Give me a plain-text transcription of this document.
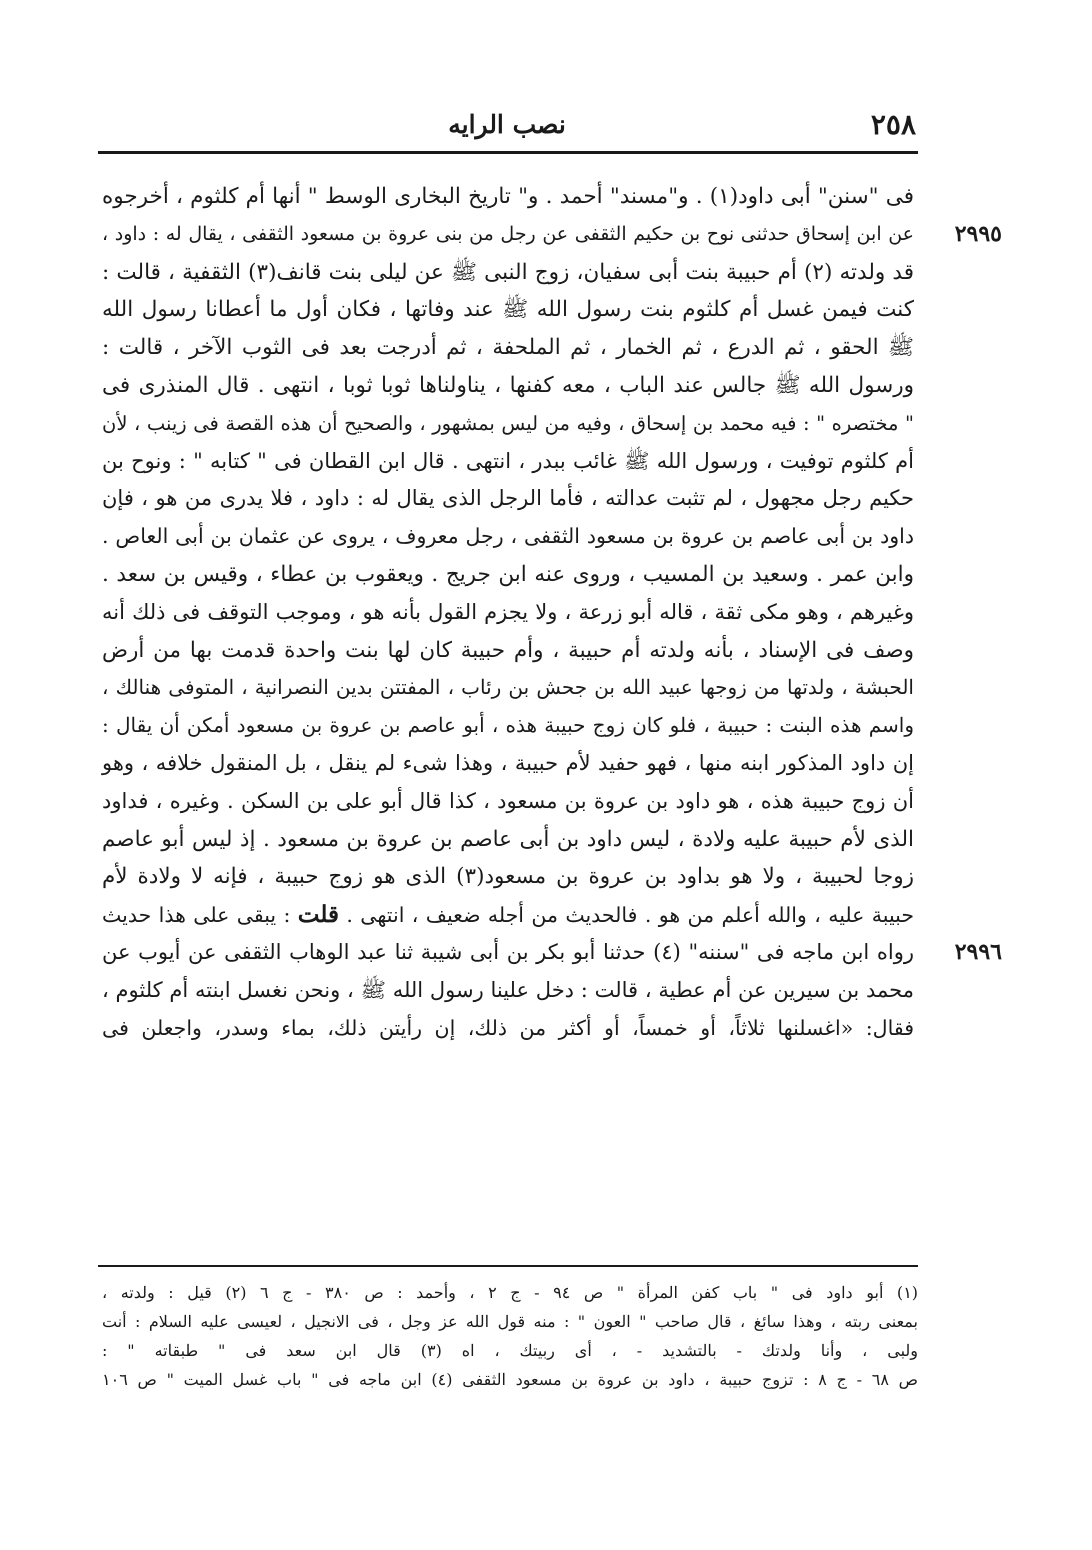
٢٥٨
نصب الرايه
فى "سنن" أبى داود(١) . و"مسند" أحمد . و" تاريخ البخارى الوسط " أنها أم كلثوم ، أخرجوه
٢٩٩٥
عن ابن إسحاق حدثنى نوح بن حكيم الثقفى عن رجل من بنى عروة بن مسعود الثقفى ، يقال له : داود ،
قد ولدته (٢) أم حبيبة بنت أبى سفيان، زوج النبى ﷺ عن ليلى بنت قانف(٣) الثقفية ، قالت :
كنت فيمن غسل أم كلثوم بنت رسول الله ﷺ عند وفاتها ، فكان أول ما أعطانا رسول الله
ﷺ الحقو ، ثم الدرع ، ثم الخمار ، ثم الملحفة ، ثم أدرجت بعد فى الثوب الآخر ، قالت :
ورسول الله ﷺ جالس عند الباب ، معه كفنها ، يناولناها ثوبا ثوبا ، انتهى . قال المنذرى فى
" مختصره " : فيه محمد بن إسحاق ، وفيه من ليس بمشهور ، والصحيح أن هذه القصة فى زينب ، لأن
أم كلثوم توفيت ، ورسول الله ﷺ غائب ببدر ، انتهى . قال ابن القطان فى " كتابه " : ونوح بن
حكيم رجل مجهول ، لم تثبت عدالته ، فأما الرجل الذى يقال له : داود ، فلا يدرى من هو ، فإن
داود بن أبى عاصم بن عروة بن مسعود الثقفى ، رجل معروف ، يروى عن عثمان بن أبى العاص .
وابن عمر . وسعيد بن المسيب ، وروى عنه ابن جريج . ويعقوب بن عطاء ، وقيس بن سعد .
وغيرهم ، وهو مكى ثقة ، قاله أبو زرعة ، ولا يجزم القول بأنه هو ، وموجب التوقف فى ذلك أنه
وصف فى الإسناد ، بأنه ولدته أم حبيبة ، وأم حبيبة كان لها بنت واحدة قدمت بها من أرض
الحبشة ، ولدتها من زوجها عبيد الله بن جحش بن رئاب ، المفتتن بدين النصرانية ، المتوفى هنالك ،
واسم هذه البنت : حبيبة ، فلو كان زوج حبيبة هذه ، أبو عاصم بن عروة بن مسعود أمكن أن يقال :
إن داود المذكور ابنه منها ، فهو حفيد لأم حبيبة ، وهذا شىء لم ينقل ، بل المنقول خلافه ، وهو
أن زوج حبيبة هذه ، هو داود بن عروة بن مسعود ، كذا قال أبو على بن السكن . وغيره ، فداود
الذى لأم حبيبة عليه ولادة ، ليس داود بن أبى عاصم بن عروة بن مسعود . إذ ليس أبو عاصم
زوجا لحبيبة ، ولا هو بداود بن عروة بن مسعود(٣) الذى هو زوج حبيبة ، فإنه لا ولادة لأم
حبيبة عليه ، والله أعلم من هو . فالحديث من أجله ضعيف ، انتهى . قلت : يبقى على هذا حديث
٢٩٩٦
رواه ابن ماجه فى "سننه" (٤) حدثنا أبو بكر بن أبى شيبة ثنا عبد الوهاب الثقفى عن أيوب عن
محمد بن سيرين عن أم عطية ، قالت : دخل علينا رسول الله ﷺ ، ونحن نغسل ابنته أم كلثوم ،
فقال: «اغسلنها ثلاثاً، أو خمساً، أو أكثر من ذلك، إن رأيتن ذلك، بماء وسدر، واجعلن فى
(١) أبو داود فى " باب كفن المرأة " ص ٩٤ - ج ٢ ، وأحمد : ص ٣٨٠ - ج ٦ (٢) قيل : ولدته ،
بمعنى ربته ، وهذا سائغ ، قال صاحب " العون " : منه قول الله عز وجل ، فى الانجيل ، لعيسى عليه السلام : أنت
ولبى ، وأنا ولدتك - بالتشديد - ، أى ربيتك ، اه (٣) قال ابن سعد فى " طبقاته " :
ص ٦٨ - ج ٨ : تزوج حبيبة ، داود بن عروة بن مسعود الثقفى (٤) ابن ماجه فى " باب غسل الميت " ص ١٠٦
